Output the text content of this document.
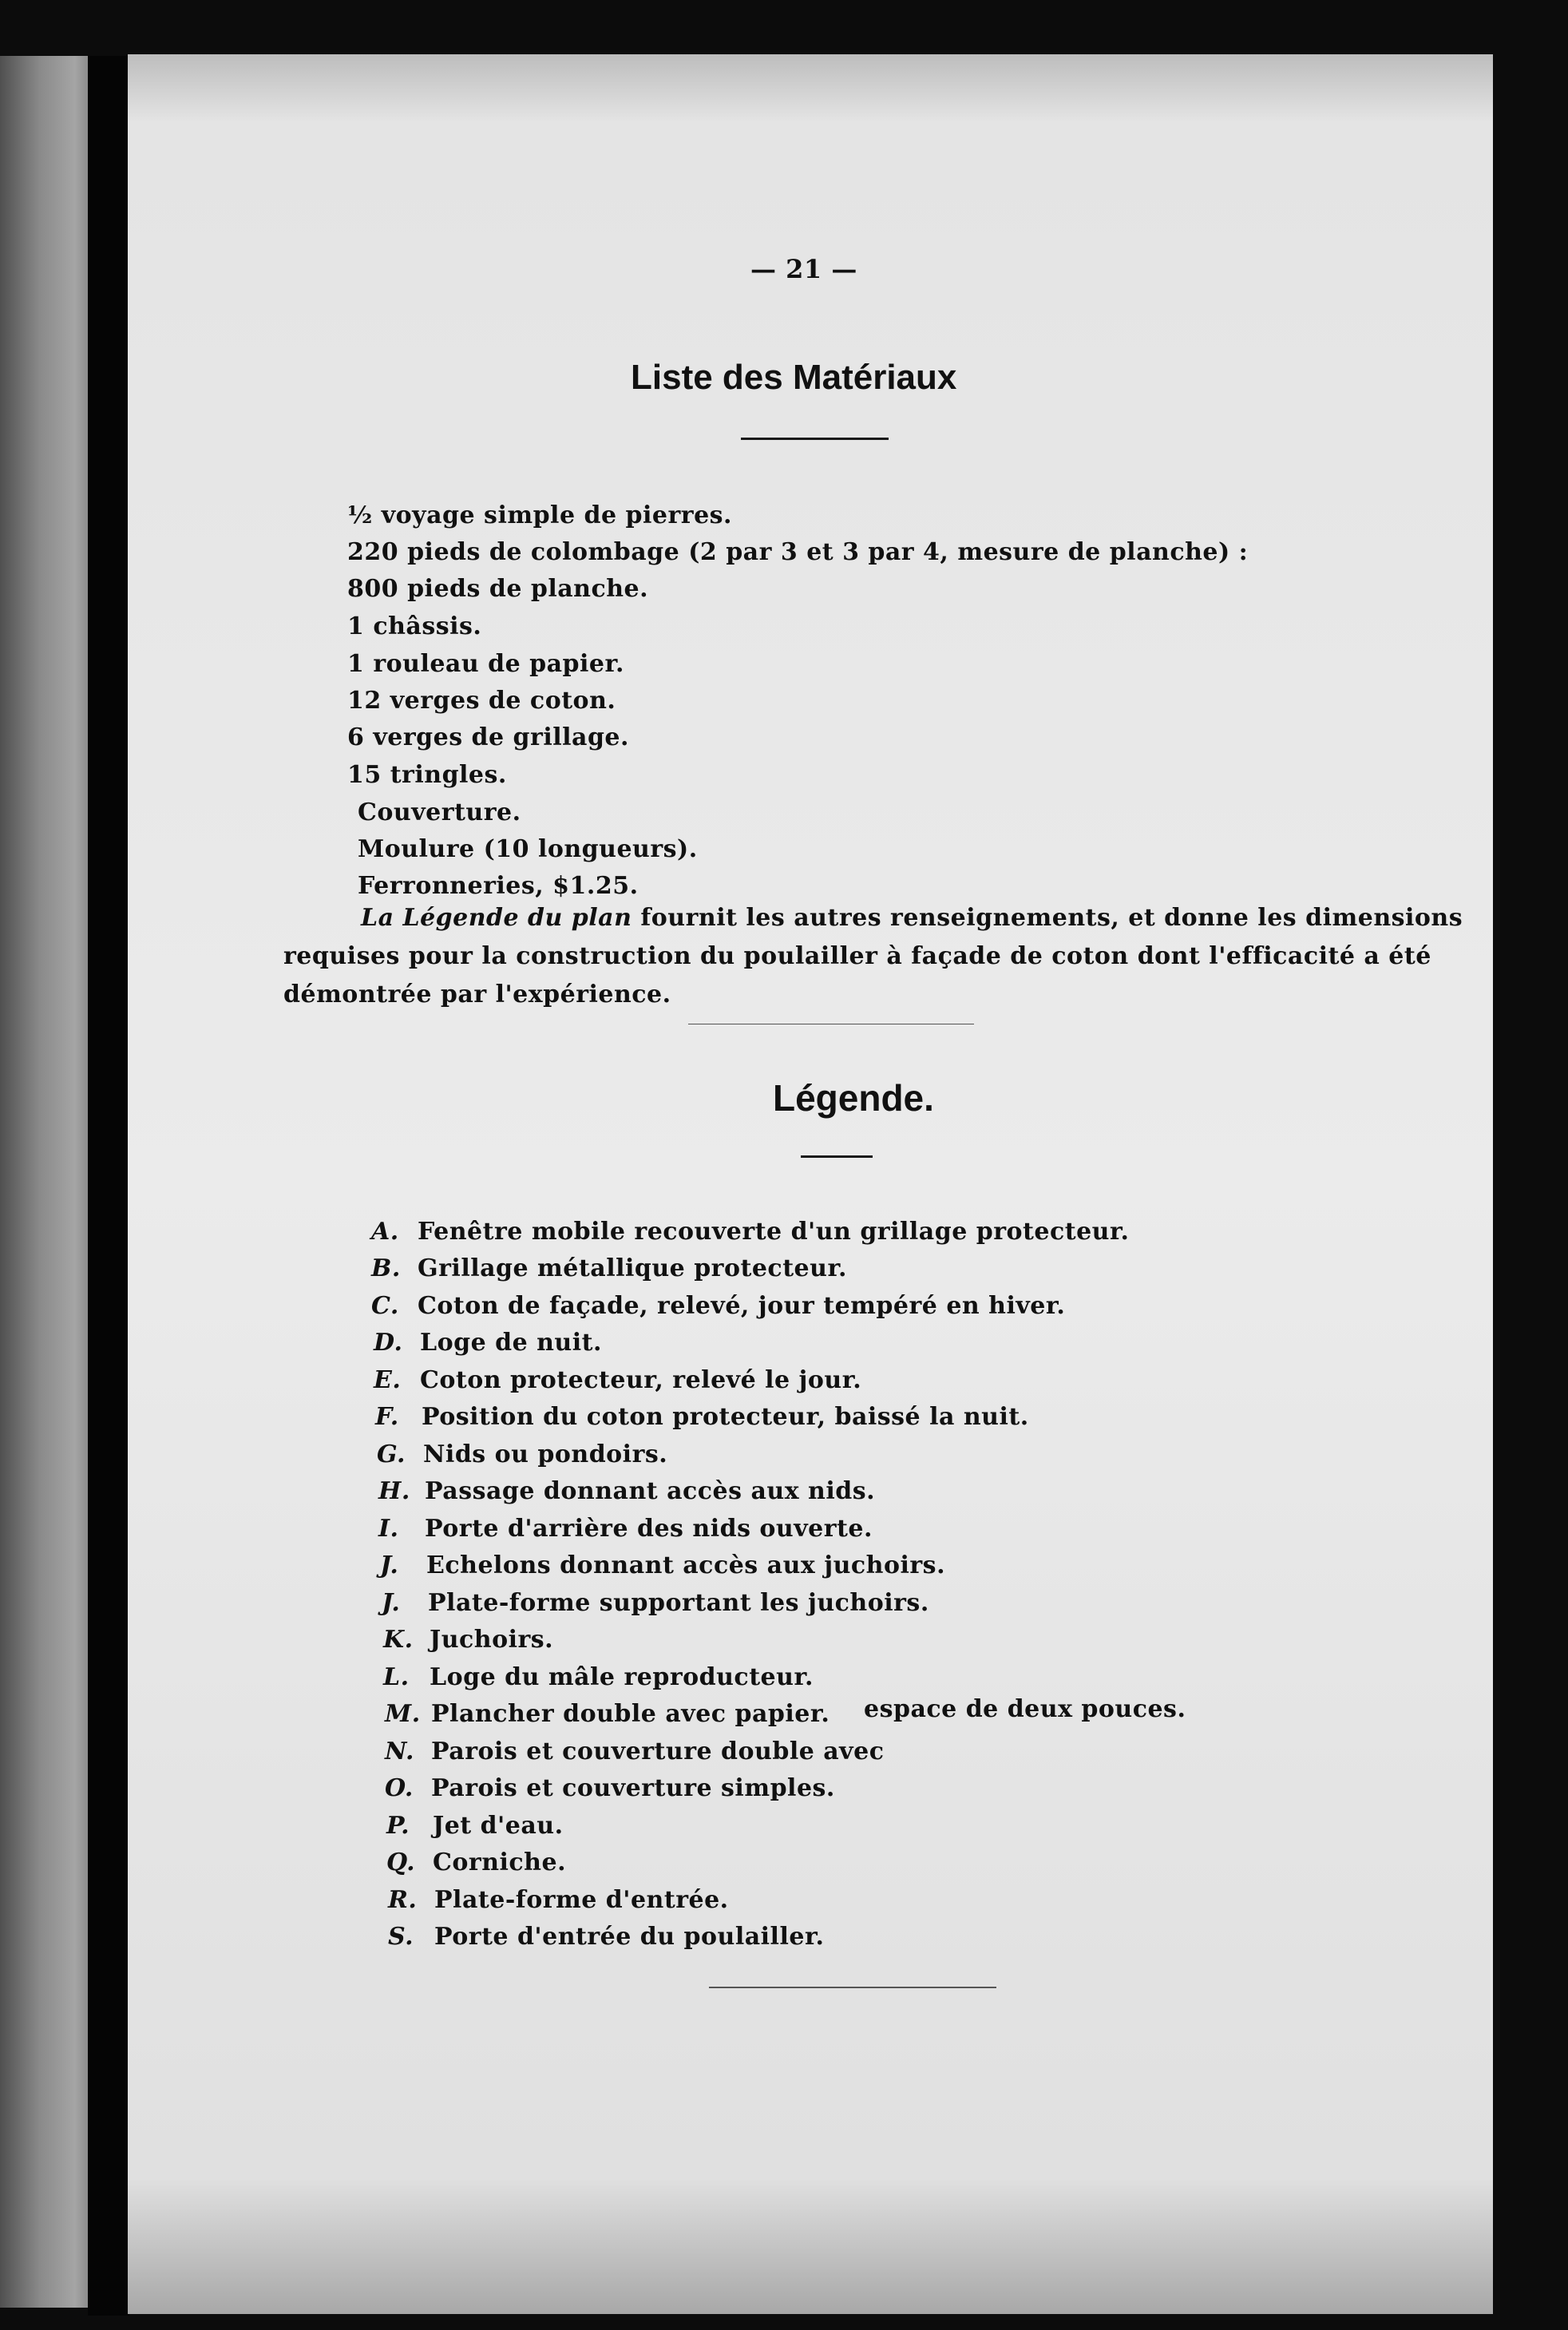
— 21 —
Liste des Matériaux
½ voyage simple de pierres.
220 pieds de colombage (2 par 3 et 3 par 4, mesure de planche) :
800 pieds de planche.
1 châssis.
1 rouleau de papier.
12 verges de coton.
6 verges de grillage.
15 tringles.
Couverture.
Moulure (10 longueurs).
Ferronneries, $1.25.
La Légende du plan fournit les autres renseignements, et donne les dimensions
requises pour la construction du poulailler à façade de coton dont l'efficacité a été
démontrée par l'expérience.
Légende.
A. Fenêtre mobile recouverte d'un grillage protecteur.
B. Grillage métallique protecteur.
C. Coton de façade, relevé, jour tempéré en hiver.
D. Loge de nuit.
E. Coton protecteur, relevé le jour.
F. Position du coton protecteur, baissé la nuit.
G. Nids ou pondoirs.
H. Passage donnant accès aux nids.
I. Porte d'arrière des nids ouverte.
J. Echelons donnant accès aux juchoirs.
J. Plate-forme supportant les juchoirs.
K. Juchoirs.
L. Loge du mâle reproducteur.
M. Plancher double avec papier.
N. Parois et couverture double avec
O. Parois et couverture simples.
P. Jet d'eau.
Q. Corniche.
R. Plate-forme d'entrée.
S. Porte d'entrée du poulailler.
espace de deux pouces.
